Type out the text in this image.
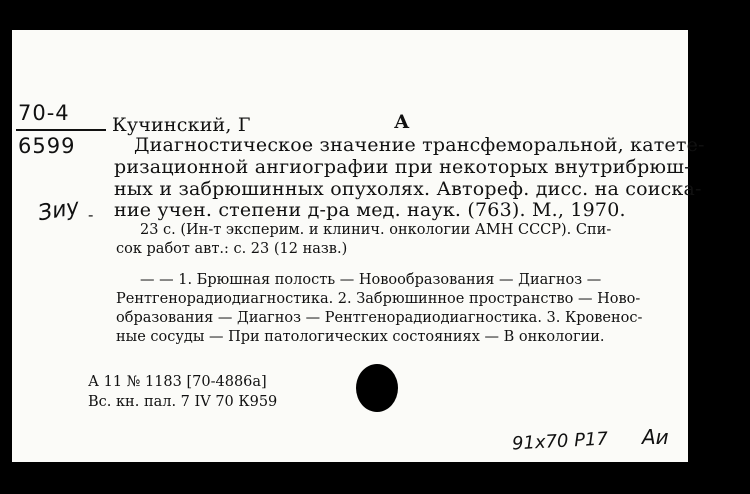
70-4
6599
Зиу -
Кучинский, Г	А
Диагностическое значение трансфеморальной, катете-
ризационной ангиографии при некоторых внутрибрюш-
ных и забрюшинных опухолях. Автореф. дисс. на соиска-
ние учен. степени д-ра мед. наук. (763). М., 1970.
23 с. (Ин-т эксперим. и клинич. онкологии АМН СССР). Спи-
сок работ авт.: с. 23 (12 назв.)
— — 1. Брюшная полость — Новообразования — Диагноз —
Рентгенорадиодиагностика. 2. Забрюшинное пространство — Ново-
образования — Диагноз — Рентгенорадиодиагностика. 3. Кровенос-
ные сосуды — При патологических состояниях — В онкологии.
А 11 № 1183 [70-4886а]
Вс. кн. пал. 7 IV 70 К959
91x70 Р17 Аи
